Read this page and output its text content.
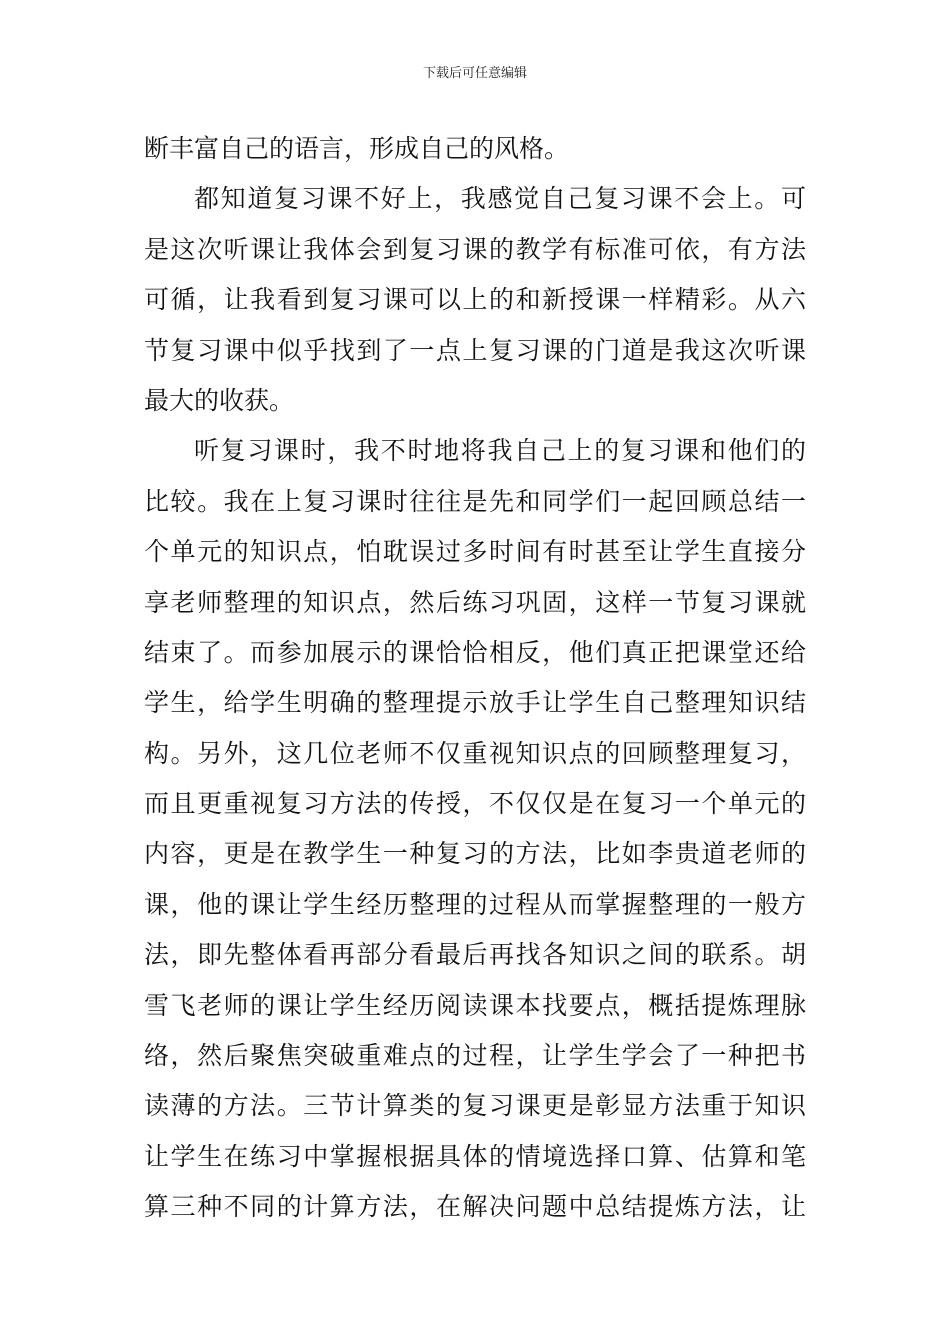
下载后可任意编辑
断丰富自己的语言，形成自己的风格。
都知道复习课不好上，我感觉自己复习课不会上。可
是这次听课让我体会到复习课的教学有标准可依，有方法
可循，让我看到复习课可以上的和新授课一样精彩。从六
节复习课中似乎找到了一点上复习课的门道是我这次听课
最大的收获。
听复习课时，我不时地将我自己上的复习课和他们的
比较。我在上复习课时往往是先和同学们一起回顾总结一
个单元的知识点，怕耽误过多时间有时甚至让学生直接分
享老师整理的知识点，然后练习巩固，这样一节复习课就
结束了。而参加展示的课恰恰相反，他们真正把课堂还给
学生，给学生明确的整理提示放手让学生自己整理知识结
构。另外，这几位老师不仅重视知识点的回顾整理复习，
而且更重视复习方法的传授，不仅仅是在复习一个单元的
内容，更是在教学生一种复习的方法，比如李贵道老师的
课，他的课让学生经历整理的过程从而掌握整理的一般方
法，即先整体看再部分看最后再找各知识之间的联系。胡
雪飞老师的课让学生经历阅读课本找要点，概括提炼理脉
络，然后聚焦突破重难点的过程，让学生学会了一种把书
读薄的方法。三节计算类的复习课更是彰显方法重于知识
让学生在练习中掌握根据具体的情境选择口算、估算和笔
算三种不同的计算方法，在解决问题中总结提炼方法，让
